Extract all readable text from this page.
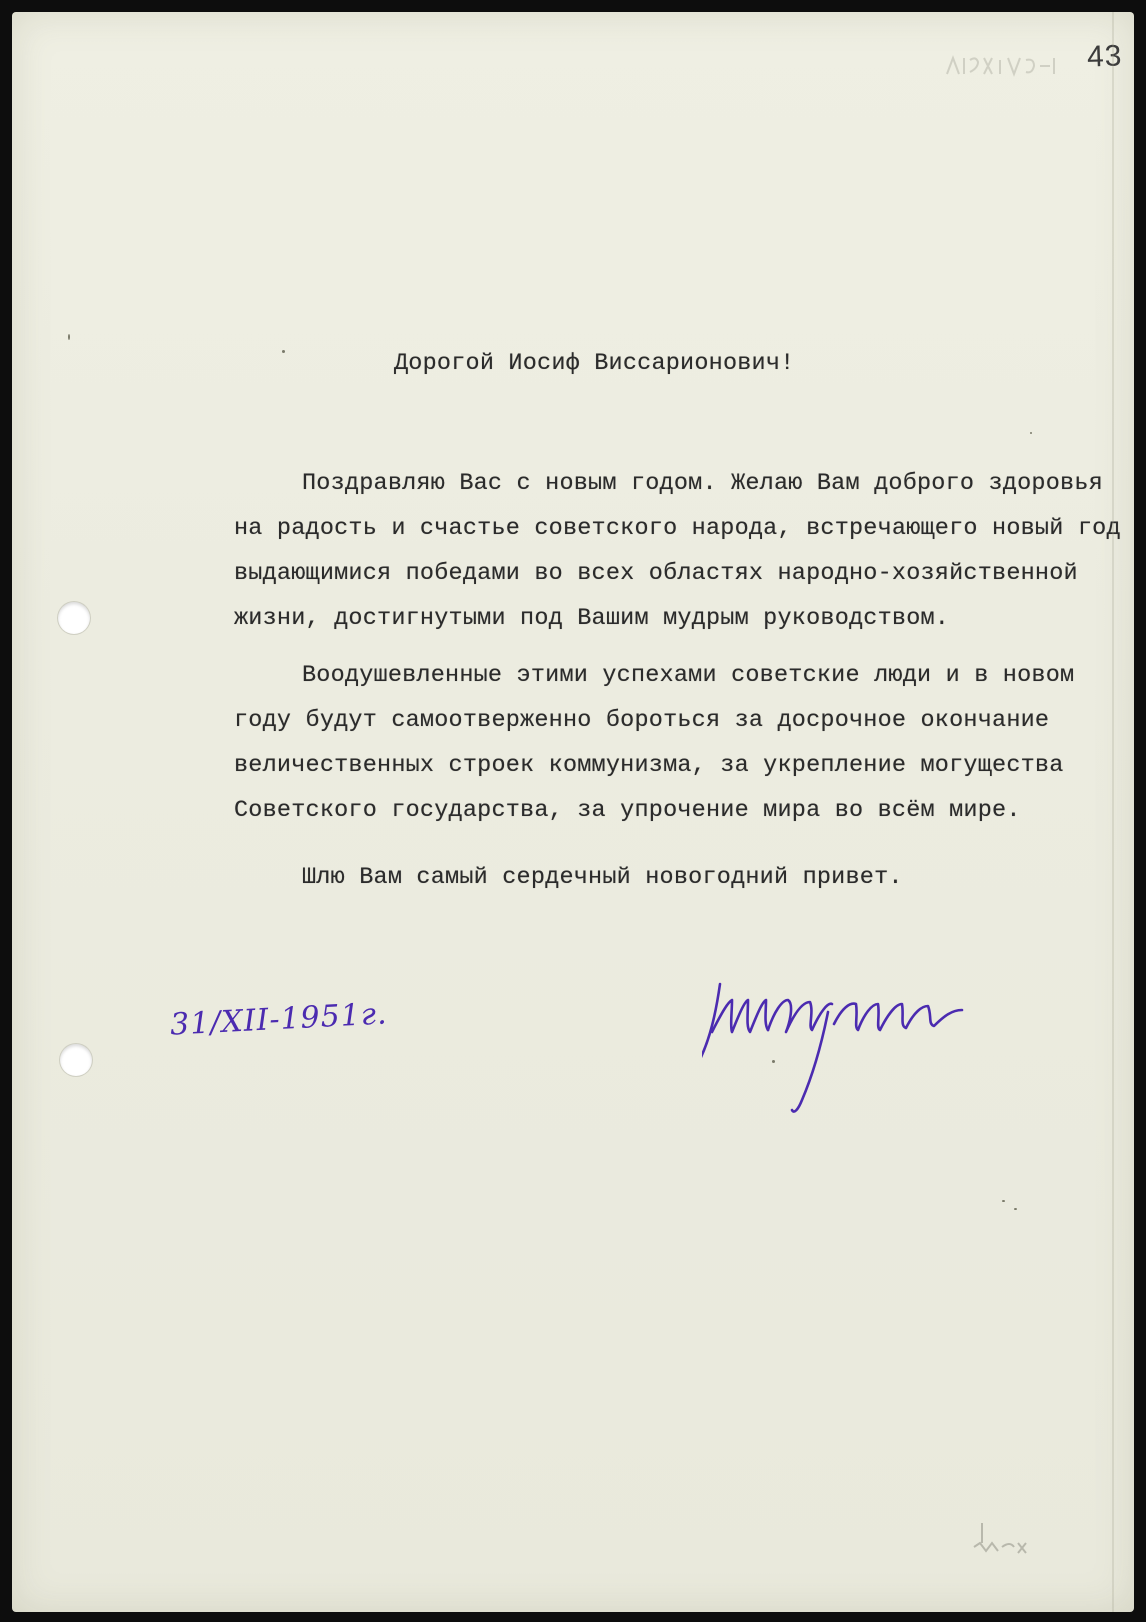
43
Дорогой Иосиф Виссарионович!
Поздравляю Вас с новым годом. Желаю Вам доброго здоровья
на радость и счастье советского народа, встречающего новый год
выдающимися победами во всех областях народно-хозяйственной
жизни, достигнутыми под Вашим мудрым руководством.
Воодушевленные этими успехами советские люди и в новом
году будут самоотверженно бороться за досрочное окончание
величественных строек коммунизма, за укрепление могущества
Советского государства, за упрочение мира во всём мире.
Шлю Вам самый сердечный новогодний привет.
31/XII-1951г.
